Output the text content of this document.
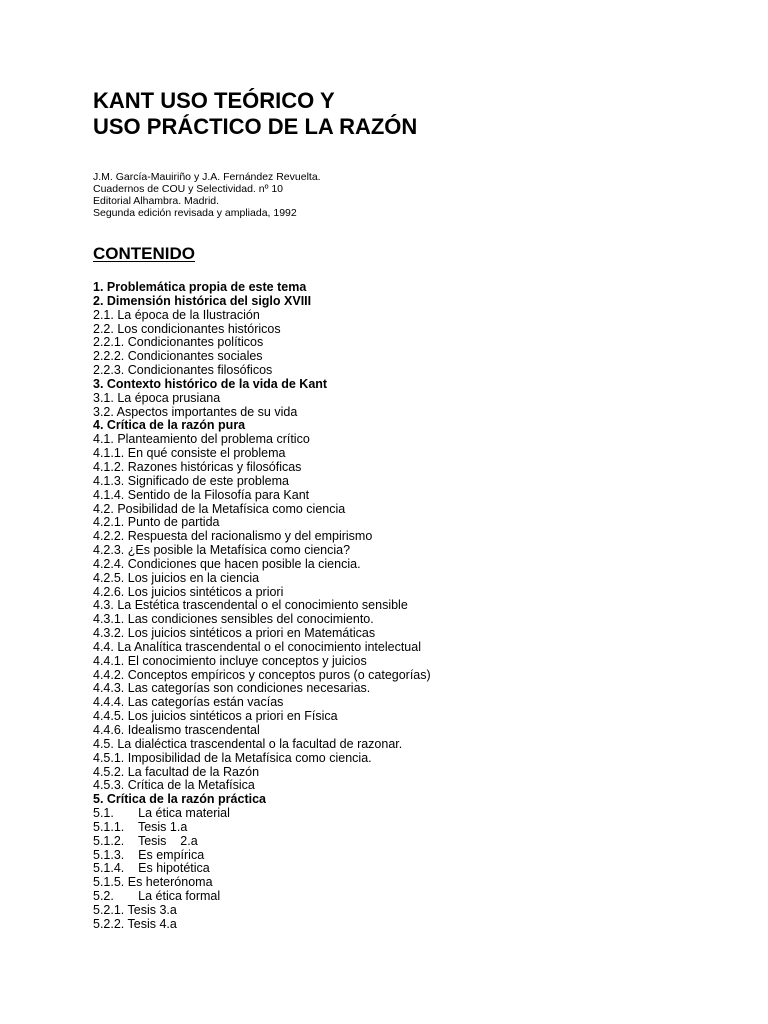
KANT USO TEÓRICO Y
USO PRÁCTICO DE LA RAZÓN
J.M. García-Mauiriño y J.A. Fernández Revuelta.
Cuadernos de COU y Selectividad. nº 10
Editorial Alhambra. Madrid.
Segunda edición revisada y ampliada, 1992
CONTENIDO
1. Problemática propia de este tema
2. Dimensión histórica del siglo XVIII
2.1. La época de la Ilustración
2.2. Los condicionantes históricos
2.2.1. Condicionantes políticos
2.2.2. Condicionantes sociales
2.2.3. Condicionantes filosóficos
3. Contexto histórico de la vida de Kant
3.1. La época prusiana
3.2. Aspectos importantes de su vida
4. Crítica de la razón pura
4.1. Planteamiento del problema crítico
4.1.1. En qué consiste el problema
4.1.2. Razones históricas y filosóficas
4.1.3. Significado de este problema
4.1.4. Sentido de la Filosofía para Kant
4.2. Posibilidad de la Metafísica como ciencia
4.2.1. Punto de partida
4.2.2. Respuesta del racionalismo y del empirismo
4.2.3. ¿Es posible la Metafísica como ciencia?
4.2.4. Condiciones que hacen posible la ciencia.
4.2.5. Los juicios en la ciencia
4.2.6. Los juicios sintéticos a priori
4.3. La Estética trascendental o el conocimiento sensible
4.3.1. Las condiciones sensibles del conocimiento.
4.3.2. Los juicios sintéticos a priori en Matemáticas
4.4. La Analítica trascendental o el conocimiento intelectual
4.4.1. El conocimiento incluye conceptos y juicios
4.4.2. Conceptos empíricos y conceptos puros (o categorías)
4.4.3. Las categorías son condiciones necesarias.
4.4.4. Las categorías están vacías
4.4.5. Los juicios sintéticos a priori en Física
4.4.6. Idealismo trascendental
4.5. La dialéctica trascendental o la facultad de razonar.
4.5.1. Imposibilidad de la Metafísica como ciencia.
4.5.2. La facultad de la Razón
4.5.3. Crítica de la Metafísica
5. Crítica de la razón práctica
5.1.       La ética material
5.1.1.    Tesis 1.a
5.1.2.    Tesis    2.a
5.1.3.    Es empírica
5.1.4.    Es hipotética
5.1.5. Es heterónoma
5.2.       La ética formal
5.2.1. Tesis 3.a
5.2.2. Tesis 4.a
